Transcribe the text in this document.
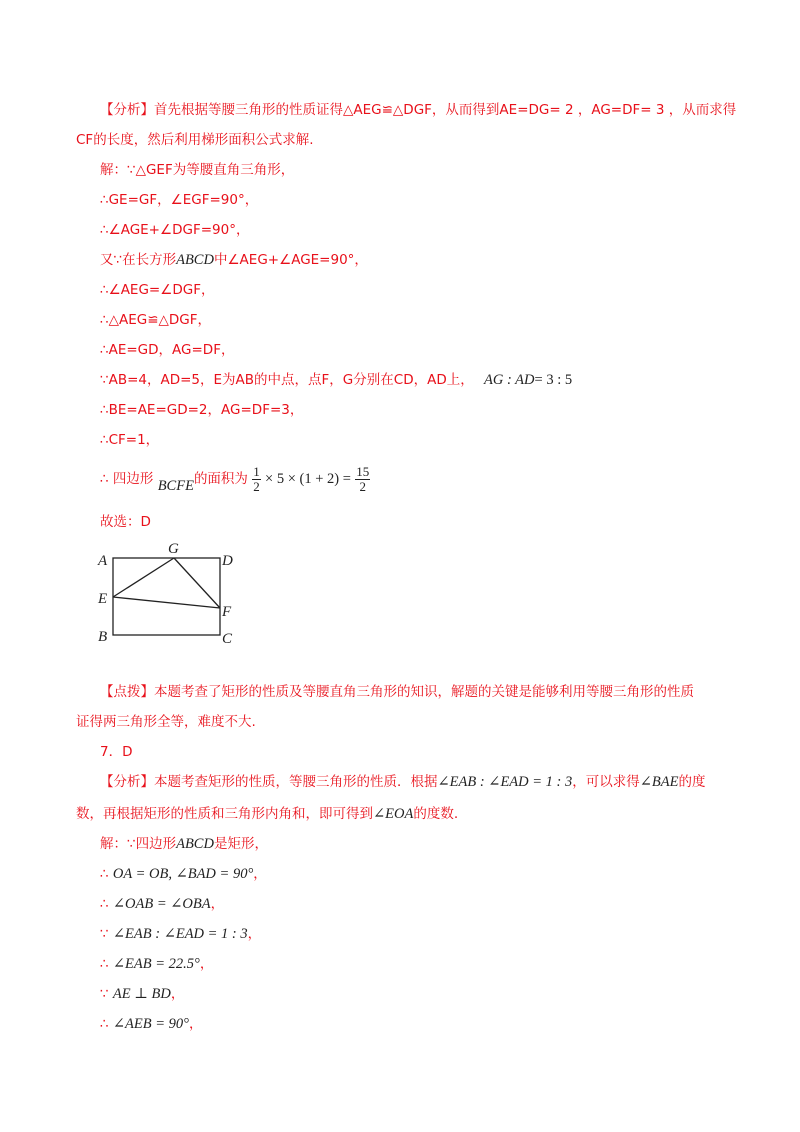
【分析】首先根据等腰三角形的性质证得△AEG≌△DGF，从而得到AE=DG= 2 ，AG=DF= 3 ，从而求得
CF的长度，然后利用梯形面积公式求解.
解：∵△GEF为等腰直角三角形，
∴GE=GF，∠EGF=90°，
∴∠AGE+∠DGF=90°，
又∵在长方形ABCD中∠AEG+∠AGE=90°，
∴∠AEG=∠DGF，
∴△AEG≌△DGF，
∴AE=GD，AG=DF，
∵AB=4，AD=5，E为AB的中点，点F，G分别在CD，AD上， AG : AD= 3 : 5
∴BE=AE=GD=2，AG=DF=3，
∴CF=1，
∴ 四边形 BCFE的面积为 $\frac{1}{2} \times 5 \times (1 + 2) = \frac{15}{2}$
故选：D
A
G
D
E
F
B	C
【点拨】本题考查了矩形的性质及等腰直角三角形的知识，解题的关键是能够利用等腰三角形的性质
证得两三角形全等，难度不大.
7．D
【分析】本题考查矩形的性质，等腰三角形的性质．根据∠EAB : ∠EAD = 1 : 3，可以求得∠BAE的度
数，再根据矩形的性质和三角形内角和，即可得到∠EOA的度数.
解：∵四边形ABCD是矩形，
∴ OA = OB, ∠BAD = 90°，
∴ ∠OAB = ∠OBA，
∵ ∠EAB : ∠EAD = 1 : 3，
∴ ∠EAB = 22.5°，
∵ AE ⊥ BD，
∴ ∠AEB = 90°，
